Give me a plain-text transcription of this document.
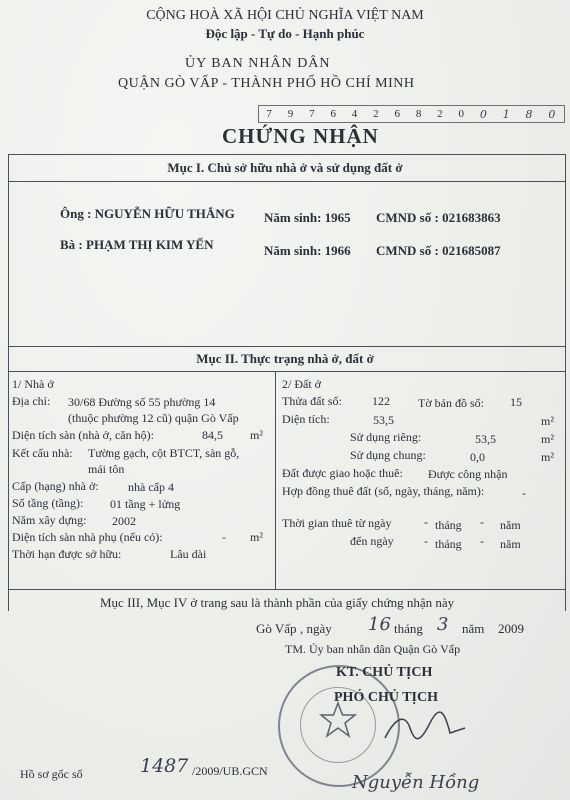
CỘNG HOÀ XÃ HỘI CHỦ NGHĨA VIỆT NAM
Độc lập - Tự do - Hạnh phúc
ỦY BAN NHÂN DÂN
QUẬN GÒ VẤP - THÀNH PHỐ HỒ CHÍ MINH
7 9 7 6 4 2 6 8 2 0 0 1 8 0
CHỨNG NHẬN
Mục I. Chủ sở hữu nhà ở và sử dụng đất ở
Ông : NGUYỄN HỮU THẮNG Năm sinh: 1965 CMND số : 021683863
Bà : PHẠM THỊ KIM YẾN	Năm sinh: 1966 CMND số : 021685087
Mục II. Thực trạng nhà ở, đất ở
1/ Nhà ở
Địa chỉ: 30/68 Đường số 55 phường 14
(thuộc phường 12 cũ) quận Gò Vấp
Diện tích sàn (nhà ở, căn hộ):	84,5 m²
Kết cấu nhà: Tường gạch, cột BTCT, sàn gỗ,
mái tôn
Cấp (hạng) nhà ở: nhà cấp 4
Số tầng (tầng): 01 tầng + lửng
Năm xây dựng: 2002
Diện tích sàn nhà phụ (nếu có):	- m²
Thời hạn được sở hữu:	Lâu dài
2/ Đất ở
Thửa đất số:	122 Tờ bản đồ số: 15
Diện tích:	53,5	m²
Sử dụng riêng:	53,5	m²
Sử dụng chung:	0,0	m²
Đất được giao hoặc thuê: Được công nhận
Hợp đồng thuê đất (số, ngày, tháng, năm):	-
Thời gian thuê từ ngày	- tháng - năm
đến ngày	- tháng - năm
Mục III, Mục IV ở trang sau là thành phần của giấy chứng nhận này
Gò Vấp , ngày 16 tháng 3 năm 2009
TM. Ủy ban nhân dân Quận Gò Vấp
KT. CHỦ TỊCH
PHÓ CHỦ TỊCH
Hồ sơ gốc số	1487 /2009/UB.GCN
Nguyễn Hồng
